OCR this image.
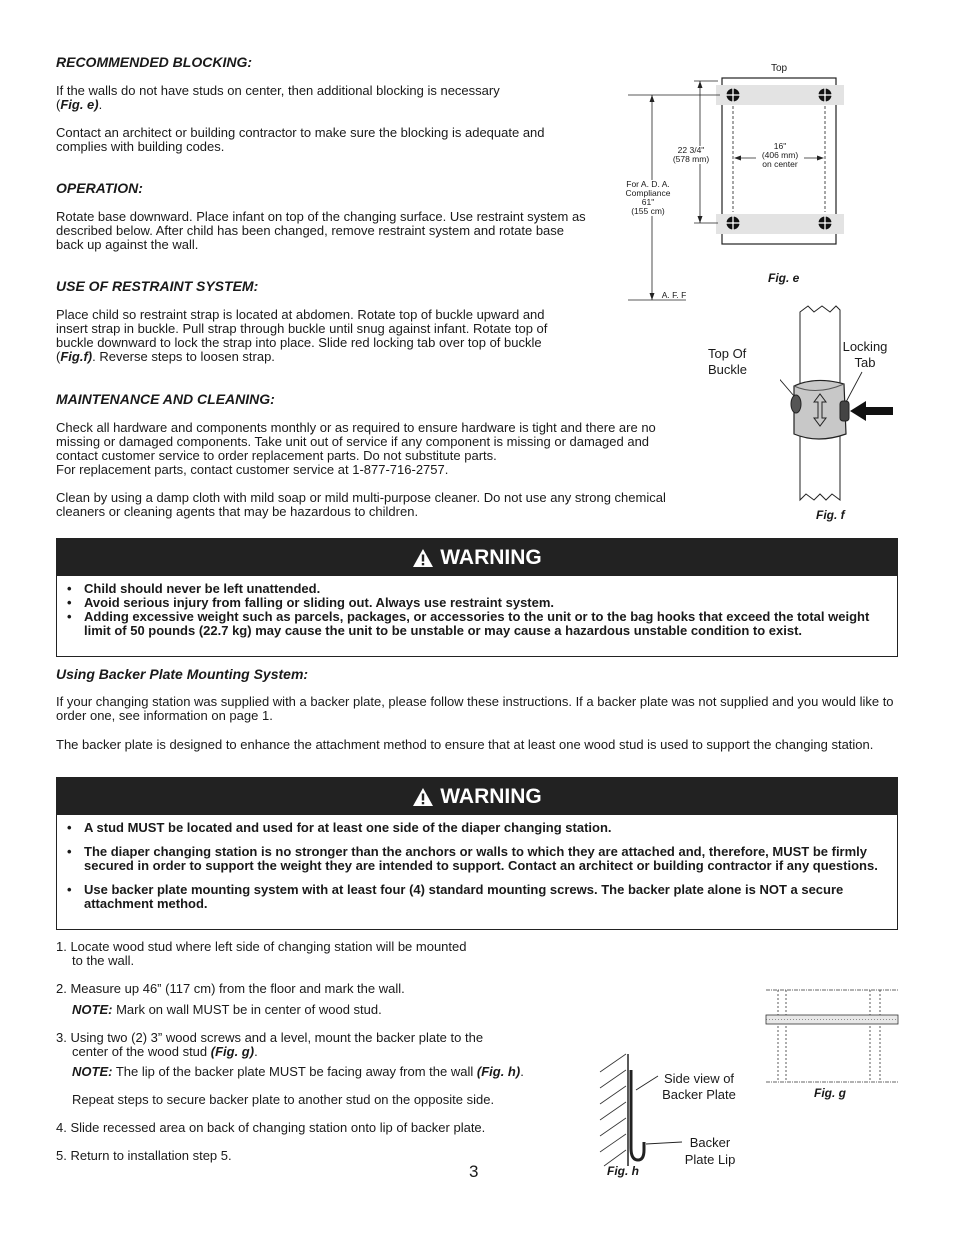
RECOMMENDED BLOCKING:

If the walls do not have studs on center, then additional blocking is necessary
(Fig. e).

Contact an architect or building contractor to make sure the blocking is adequate and complies with building codes.

OPERATION:

Rotate base downward. Place infant on top of the changing surface. Use restraint system as described below. After child has been changed, remove restraint system and rotate base back up against the wall.

USE OF RESTRAINT SYSTEM:

Place child so restraint strap is located at abdomen. Rotate top of buckle upward and insert strap in buckle. Pull strap through buckle until snug against infant. Rotate top of buckle downward to lock the strap into place. Slide red locking tab over top of buckle (Fig.f). Reverse steps to loosen strap.

MAINTENANCE AND CLEANING:

Check all hardware and components monthly or as required to ensure hardware is tight and there are no missing or damaged components. Take unit out of service if any component is missing or damaged and contact customer service to order replacement parts. Do not substitute parts.
For replacement parts, contact customer service at 1-877-716-2757.

Clean by using a damp cloth with mild soap or mild multi-purpose cleaner. Do not use any strong chemical cleaners or cleaning agents that may be hazardous to children.

Top
22 3/4"
(578 mm)
16"
(406 mm)
on center
For A. D. A.
Compliance
61"
(155 cm)
A. F. F
Fig. e
Top Of
Buckle
Locking
Tab
Fig. f
WARNING
• Child should never be left unattended.
• Avoid serious injury from falling or sliding out. Always use restraint system.
• Adding excessive weight such as parcels, packages, or accessories to the unit or to the bag hooks that exceed the total weight limit of 50 pounds (22.7 kg) may cause the unit to be unstable or may cause a hazardous unstable condition to exist.
Using Backer Plate Mounting System:

If your changing station was supplied with a backer plate, please follow these instructions. If a backer plate was not supplied and you would like to order one, see information on page 1.

The backer plate is designed to enhance the attachment method to ensure that at least one wood stud is used to support the changing station.

WARNING
• A stud MUST be located and used for at least one side of the diaper changing station.
• The diaper changing station is no stronger than the anchors or walls to which they are attached and, therefore, MUST be firmly secured in order to support the weight they are intended to support. Contact an architect or building contractor if any questions.
• Use backer plate mounting system with at least four (4) standard mounting screws. The backer plate alone is NOT a secure attachment method.
1. Locate wood stud where left side of changing station will be mounted
to the wall.
2. Measure up 46” (117 cm) from the floor and mark the wall.
NOTE: Mark on wall MUST be in center of wood stud.
3. Using two (2) 3” wood screws and a level, mount the backer plate to the
center of the wood stud (Fig. g).
NOTE: The lip of the backer plate MUST be facing away from the wall (Fig. h).
Repeat steps to secure backer plate to another stud on the opposite side.
4. Slide recessed area on back of changing station onto lip of backer plate.
5. Return to installation step 5.
Fig. g
Side view of
Backer Plate
Backer
Plate Lip
Fig. h
3
